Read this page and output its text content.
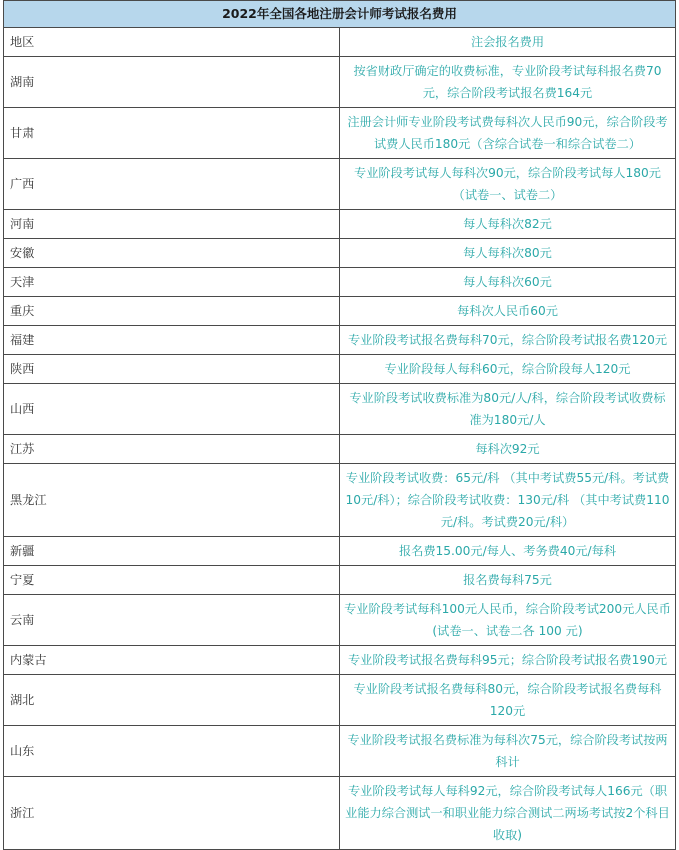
2022年全国各地注册会计师考试报名费用	
地区	注会报名费用
湖南	按省财政厅确定的收费标准，专业阶段考试每科报名费70元，综合阶段考试报名费164元
甘肃	注册会计师专业阶段考试费每科次人民币90元，综合阶段考试费人民币180元（含综合试卷一和综合试卷二）
广西	专业阶段考试每人每科次90元，综合阶段考试每人180元（试卷一、试卷二）
河南	每人每科次82元
安徽	每人每科次80元
天津	每人每科次60元
重庆	每科次人民币60元
福建	专业阶段考试报名费每科70元，综合阶段考试报名费120元
陕西	专业阶段每人每科60元，综合阶段每人120元
山西	专业阶段考试收费标准为80元/人/科，综合阶段考试收费标准为180元/人
江苏	每科次92元
黑龙江	专业阶段考试收费：65元/科 （其中考试费55元/科。考试费10元/科）；综合阶段考试收费：130元/科 （其中考试费110元/科。考试费20元/科）
新疆	报名费15.00元/每人、考务费40元/每科
宁夏	报名费每科75元
云南	专业阶段考试每科100元人民币，综合阶段考试200元人民币(试卷一、试卷二各 100 元)
内蒙古	专业阶段考试报名费每科95元；综合阶段考试报名费190元
湖北	专业阶段考试报名费每科80元，综合阶段考试报名费每科120元
山东	专业阶段考试报名费标准为每科次75元，综合阶段考试按两科计
浙江	专业阶段考试每人每科92元，综合阶段考试每人166元（职业能力综合测试一和职业能力综合测试二两场考试按2个科目收取)
